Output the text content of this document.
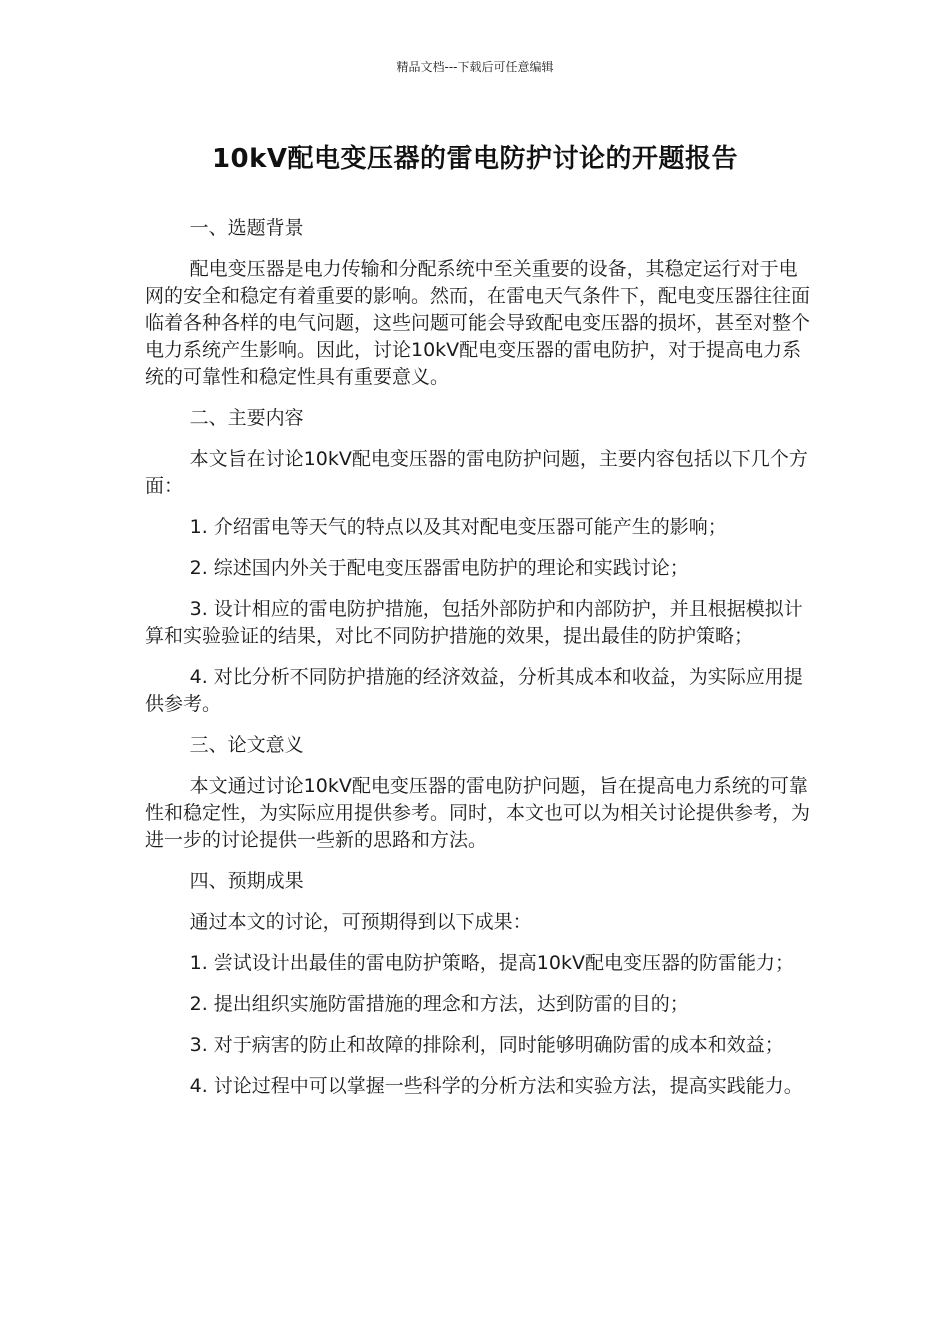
精品文档---下载后可任意编辑
10kV配电变压器的雷电防护讨论的开题报告

一、选题背景

配电变压器是电力传输和分配系统中至关重要的设备，其稳定运行对于电网的安全和稳定有着重要的影响。然而，在雷电天气条件下，配电变压器往往面临着各种各样的电气问题，这些问题可能会导致配电变压器的损坏，甚至对整个电力系统产生影响。因此，讨论10kV配电变压器的雷电防护，对于提高电力系统的可靠性和稳定性具有重要意义。

二、主要内容

本文旨在讨论10kV配电变压器的雷电防护问题，主要内容包括以下几个方面：

1. 介绍雷电等天气的特点以及其对配电变压器可能产生的影响；

2. 综述国内外关于配电变压器雷电防护的理论和实践讨论；

3. 设计相应的雷电防护措施，包括外部防护和内部防护，并且根据模拟计算和实验验证的结果，对比不同防护措施的效果，提出最佳的防护策略；

4. 对比分析不同防护措施的经济效益，分析其成本和收益，为实际应用提供参考。

三、论文意义

本文通过讨论10kV配电变压器的雷电防护问题，旨在提高电力系统的可靠性和稳定性，为实际应用提供参考。同时，本文也可以为相关讨论提供参考，为进一步的讨论提供一些新的思路和方法。

四、预期成果

通过本文的讨论，可预期得到以下成果：

1. 尝试设计出最佳的雷电防护策略，提高10kV配电变压器的防雷能力；

2. 提出组织实施防雷措施的理念和方法，达到防雷的目的；

3. 对于病害的防止和故障的排除利，同时能够明确防雷的成本和效益；

4. 讨论过程中可以掌握一些科学的分析方法和实验方法，提高实践能力。
